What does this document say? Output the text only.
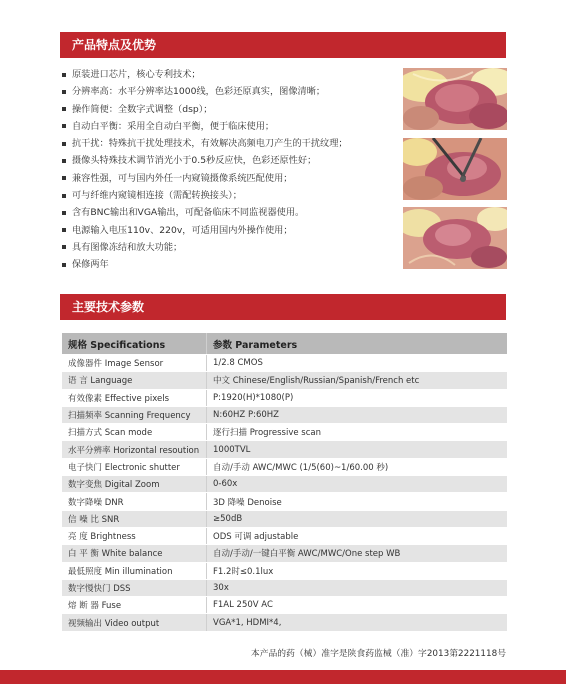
产品特点及优势
原装进口芯片，核心专利技术；
分辨率高：水平分辨率达1000线，色彩还原真实，图像清晰；
操作简便：全数字式调整（dsp）；
自动白平衡：采用全自动白平衡，便于临床使用；
抗干扰：特殊抗干扰处理技术，有效解决高频电刀产生的干扰纹理；
摄像头特殊技术调节消光小于0.5秒反应快，色彩还原性好；
兼容性强，可与国内外任一内窥镜摄像系统匹配使用；
可与纤维内窥镜相连接（需配转换接头）；
含有BNC输出和VGA输出，可配备临床不同监视器使用。
电源输入电压110v、220v，可适用国内外操作使用；
具有图像冻结和放大功能；
保修两年
主要技术参数
规格 Specifications	参数 Parameters
成像器件 Image Sensor	1/2.8 CMOS
语 言 Language	中文 Chinese/English/Russian/Spanish/French etc
有效像素 Effective pixels	P:1920(H)*1080(P)
扫描频率 Scanning Frequency	N:60HZ P:60HZ
扫描方式 Scan mode	逐行扫描 Progressive scan
水平分辨率 Horizontal resoution	1000TVL
电子快门 Electronic shutter	自动/手动 AWC/MWC (1/5(60)~1/60.00 秒)
数字变焦 Digital Zoom	0-60x
数字降噪 DNR	3D 降噪 Denoise
信 噪 比 SNR	≥50dB
亮 度 Brightness	ODS 可调 adjustable
白 平 衡 White balance	自动/手动/一键白平衡 AWC/MWC/One step WB
最低照度 Min illumination	F1.2时≤0.1lux
数字慢快门 DSS	30x
熔 断 器 Fuse	F1AL 250V AC
视频输出 Video output	VGA*1, HDMI*4,
本产品的药（械）准字是陕食药监械（准）字2013第2221118号
